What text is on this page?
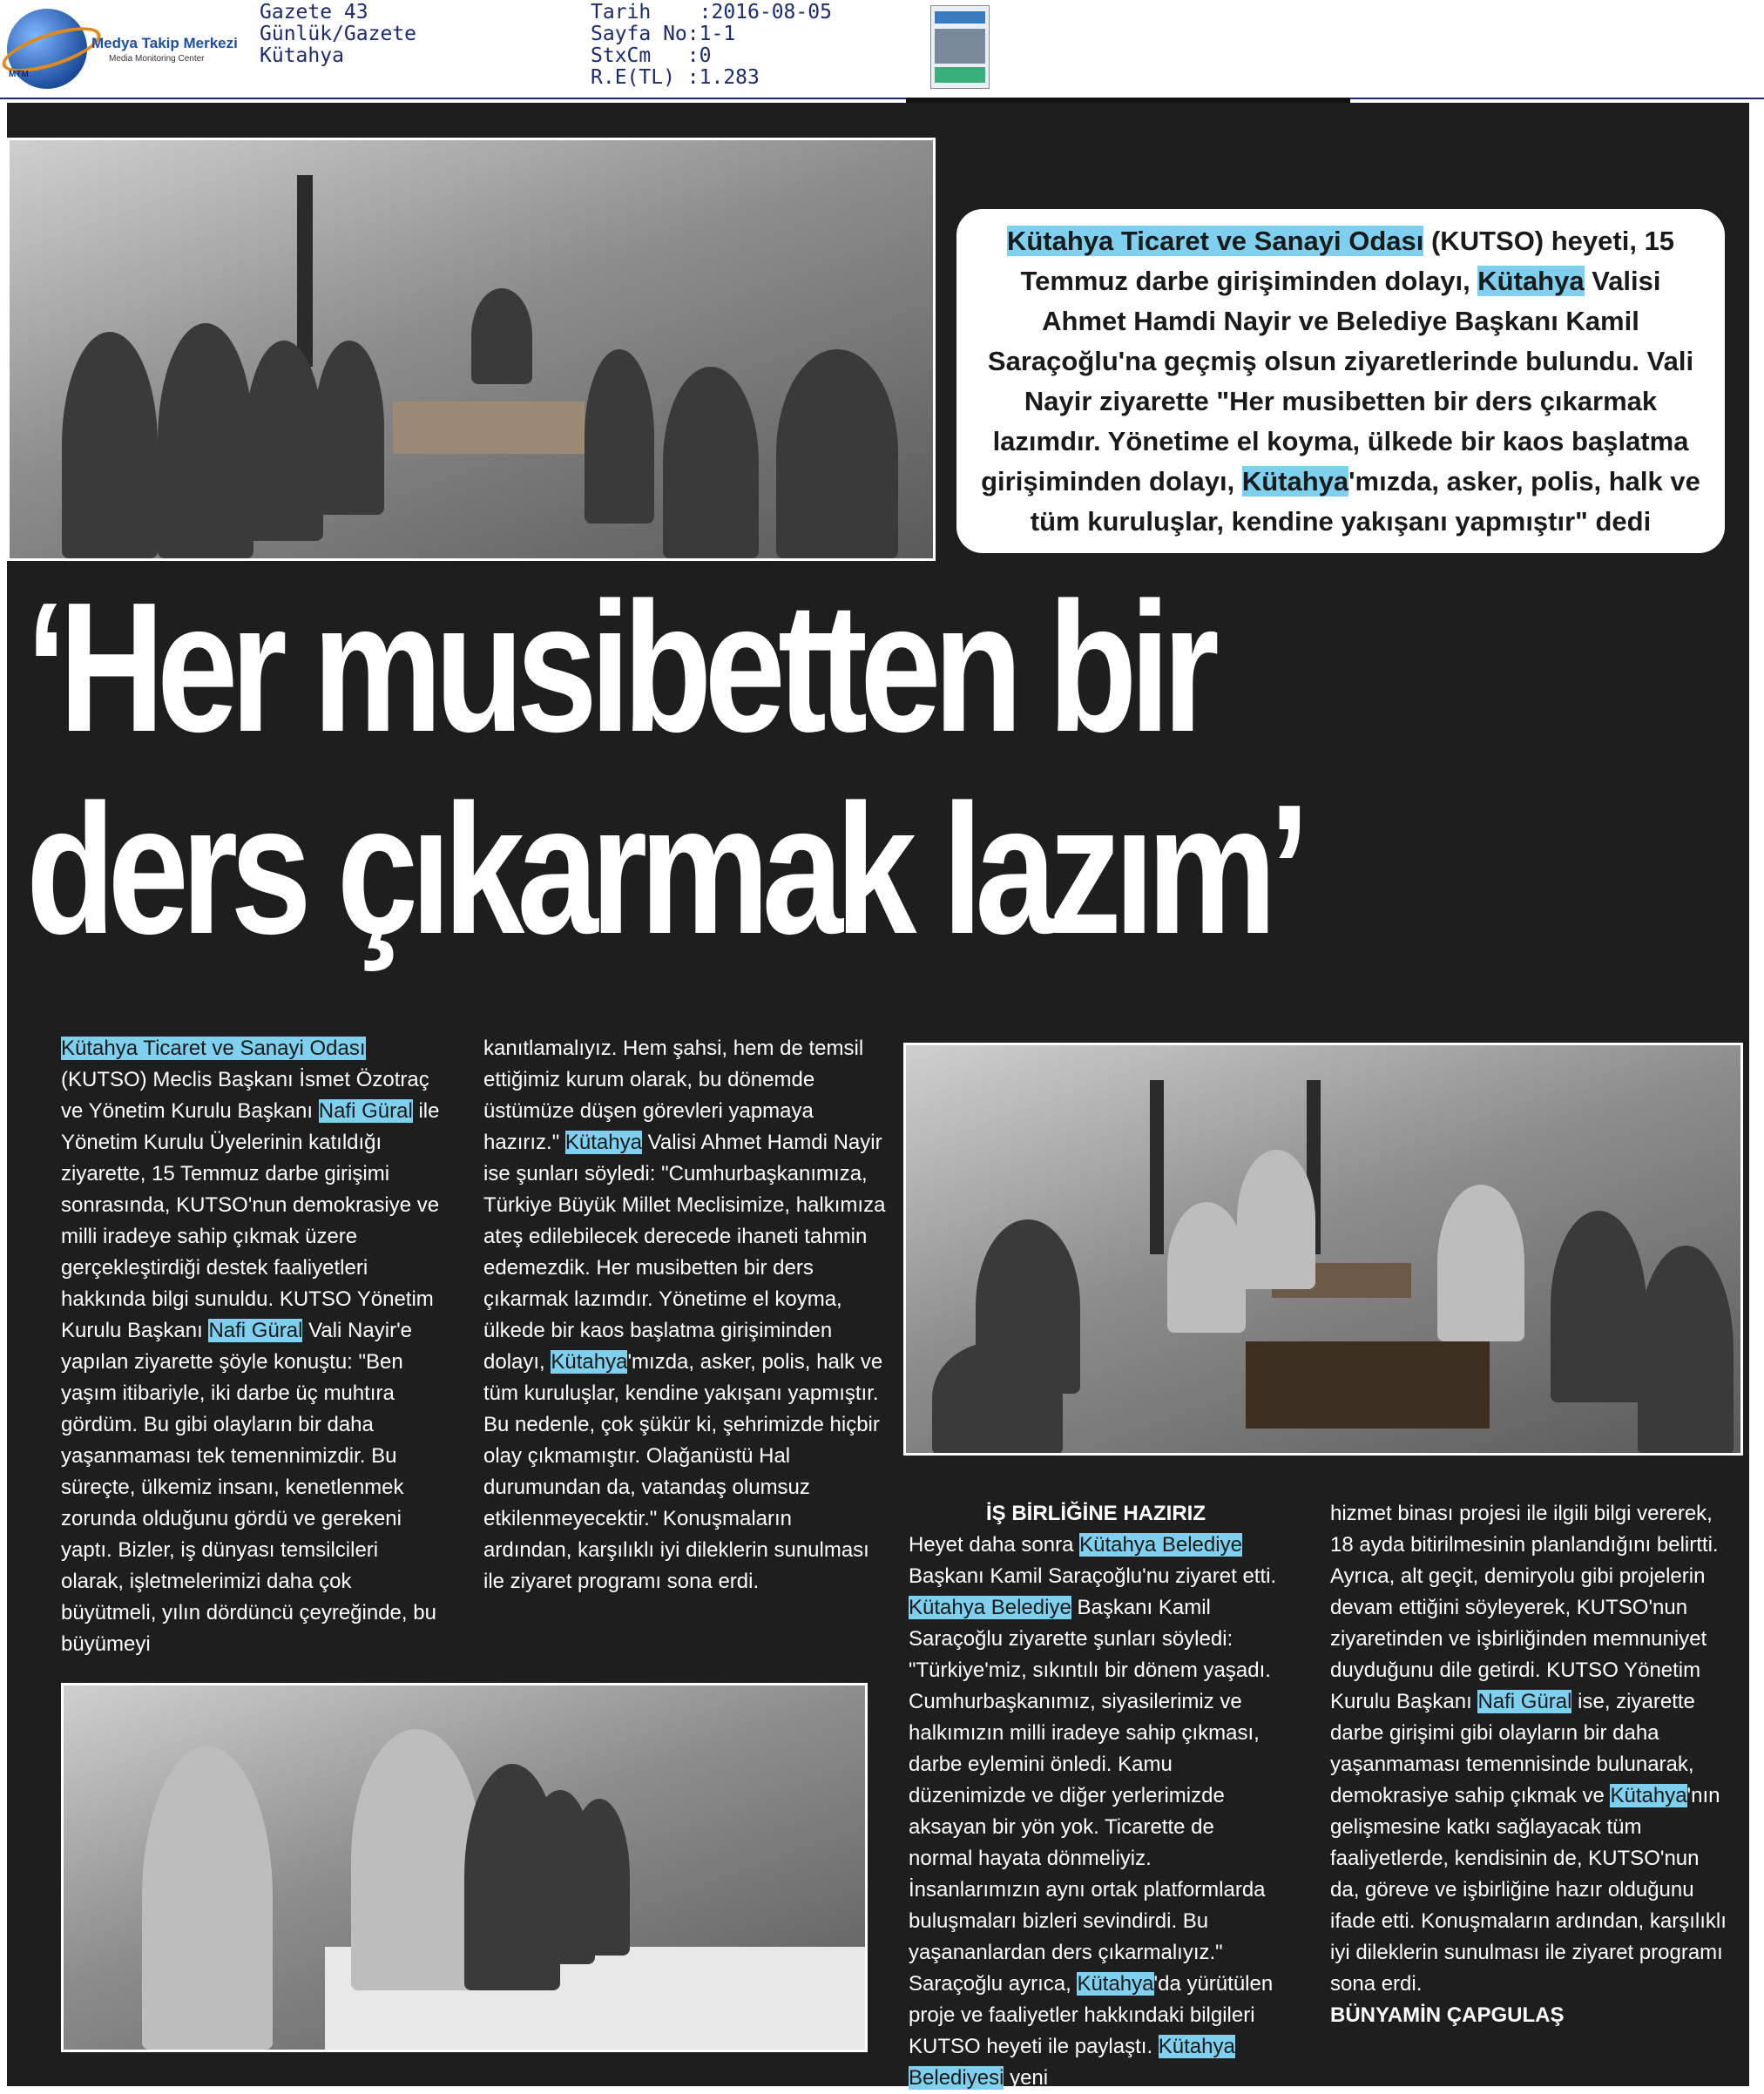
MTM
Medya Takip Merkezi
Media Monitoring Center
Gazete 43
Günlük/Gazete
Kütahya
Tarih    :2016-08-05
Sayfa No:1-1
StxCm   :0
R.E(TL) :1.283
Kütahya Ticaret ve Sanayi Odası (KUTSO) heyeti, 15 Temmuz darbe girişiminden dolayı, Kütahya Valisi Ahmet Hamdi Nayir ve Belediye Başkanı Kamil Saraçoğlu'na geçmiş olsun ziyaretlerinde bulundu. Vali Nayir ziyarette "Her musibetten bir ders çıkarmak lazımdır. Yönetime el koyma, ülkede bir kaos başlatma girişiminden dolayı, Kütahya'mızda, asker, polis, halk ve tüm kuruluşlar, kendine yakışanı yapmıştır" dedi
‘Her musibetten bir
ders çıkarmak lazım’

Kütahya Ticaret ve Sanayi Odası (KUTSO) Meclis Başkanı İsmet Özotraç ve Yönetim Kurulu Başkanı Nafi Güral ile Yönetim Kurulu Üyelerinin katıldığı ziyarette, 15 Temmuz darbe girişimi sonrasında, KUTSO'nun demokrasiye ve milli iradeye sahip çıkmak üzere gerçekleştirdiği destek faaliyetleri hakkında bilgi sunuldu. KUTSO Yönetim Kurulu Başkanı Nafi Güral Vali Nayir'e yapılan ziyarette şöyle konuştu: "Ben yaşım itibariyle, iki darbe üç muhtıra gördüm. Bu gibi olayların bir daha yaşanmaması tek temennimizdir. Bu süreçte, ülkemiz insanı, kenetlenmek zorunda olduğunu gördü ve gerekeni yaptı. Bizler, iş dünyası temsilcileri olarak, işletmelerimizi daha çok büyütmeli, yılın dördüncü çeyreğinde, bu büyümeyi

kanıtlamalıyız. Hem şahsi, hem de temsil ettiğimiz kurum olarak, bu dönemde üstümüze düşen görevleri yapmaya hazırız." Kütahya Valisi Ahmet Hamdi Nayir ise şunları söyledi: "Cumhurbaşkanımıza, Türkiye Büyük Millet Meclisimize, halkımıza ateş edilebilecek derecede ihaneti tahmin edemezdik. Her musibetten bir ders çıkarmak lazımdır. Yönetime el koyma, ülkede bir kaos başlatma girişiminden dolayı, Kütahya'mızda, asker, polis, halk ve tüm kuruluşlar, kendine yakışanı yapmıştır. Bu nedenle, çok şükür ki, şehrimizde hiçbir olay çıkmamıştır. Olağanüstü Hal durumundan da, vatandaş olumsuz etkilenmeyecektir." Konuşmaların ardından, karşılıklı iyi dileklerin sunulması ile ziyaret programı sona erdi.

İŞ BİRLİĞİNE HAZIRIZ

Heyet daha sonra Kütahya Belediye Başkanı Kamil Saraçoğlu'nu ziyaret etti. Kütahya Belediye Başkanı Kamil Saraçoğlu ziyarette şunları söyledi: "Türkiye'miz, sıkıntılı bir dönem yaşadı. Cumhurbaşkanımız, siyasilerimiz ve halkımızın milli iradeye sahip çıkması, darbe eylemini önledi. Kamu düzenimizde ve diğer yerlerimizde aksayan bir yön yok. Ticarette de normal hayata dönmeliyiz. İnsanlarımızın aynı ortak platformlarda buluşmaları bizleri sevindirdi. Bu yaşananlardan ders çıkarmalıyız." Saraçoğlu ayrıca, Kütahya'da yürütülen proje ve faaliyetler hakkındaki bilgileri KUTSO heyeti ile paylaştı. Kütahya Belediyesi yeni

hizmet binası projesi ile ilgili bilgi vererek, 18 ayda bitirilmesinin planlandığını belirtti. Ayrıca, alt geçit, demiryolu gibi projelerin devam ettiğini söyleyerek, KUTSO'nun ziyaretinden ve işbirliğinden memnuniyet duyduğunu dile getirdi. KUTSO Yönetim Kurulu Başkanı Nafi Güral ise, ziyarette darbe girişimi gibi olayların bir daha yaşanmaması temennisinde bulunarak, demokrasiye sahip çıkmak ve Kütahya'nın gelişmesine katkı sağlayacak tüm faaliyetlerde, kendisinin de, KUTSO'nun da, göreve ve işbirliğine hazır olduğunu ifade etti. Konuşmaların ardından, karşılıklı iyi dileklerin sunulması ile ziyaret programı sona erdi.

BÜNYAMİN ÇAPGULAŞ
